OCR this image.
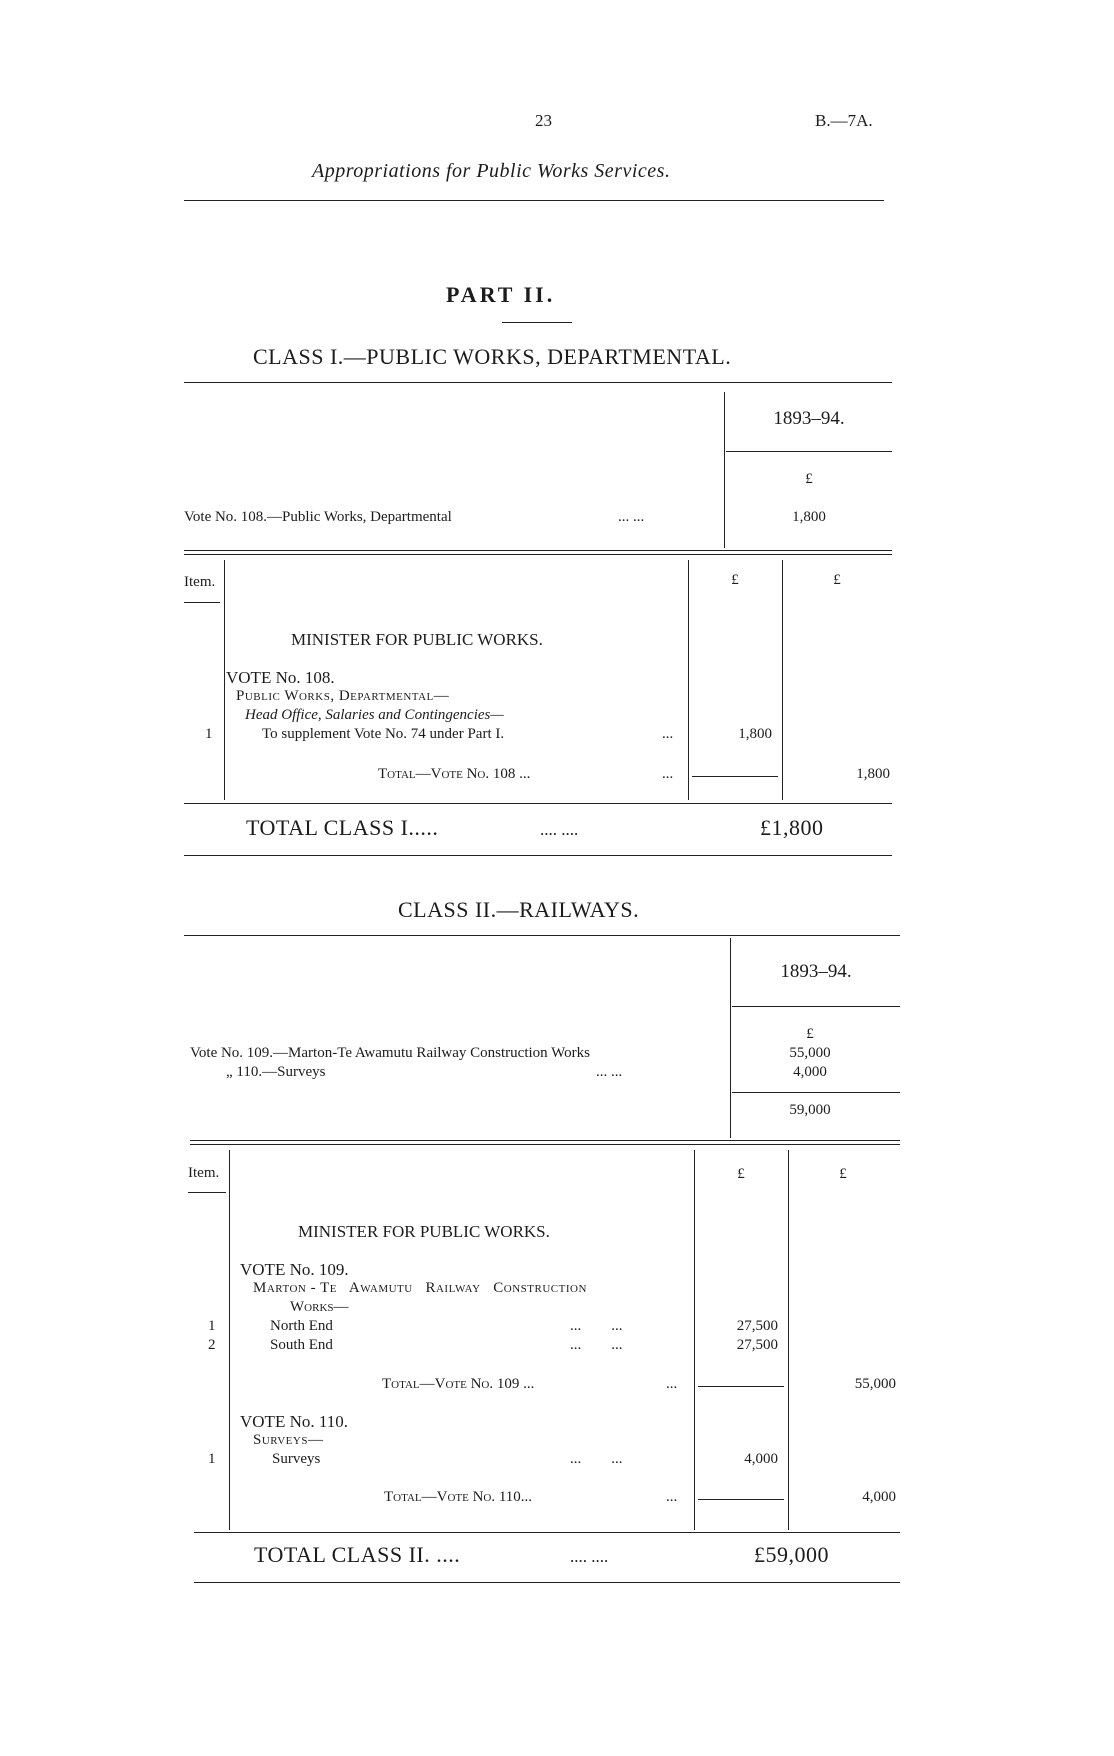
23	B.—7A.
Appropriations for Public Works Services.
PART II.
CLASS I.—PUBLIC WORKS, DEPARTMENTAL.
1893–94.
£
Vote No. 108.—Public Works, Departmental	... ...	1,800
Item.	£	£
MINISTER FOR PUBLIC WORKS.
VOTE No. 108.
Public Works, Departmental—
Head Office, Salaries and Contingencies—
1	To supplement Vote No. 74 under Part I.	...	1,800
Total—Vote No. 108 ...	...	1,800
TOTAL CLASS I.....	.... ....	£1,800
CLASS II.—RAILWAYS.
1893–94.
£
Vote No. 109.—Marton-Te Awamutu Railway Construction Works	55,000
„ 110.—Surveys	... ...	4,000
59,000
Item.	£	£
MINISTER FOR PUBLIC WORKS.
VOTE No. 109.
Marton - Te   Awamutu   Railway   Construction
Works—
1	North End	...        ...	27,500
2	South End	...        ...	27,500
Total—Vote No. 109 ...	...	55,000
VOTE No. 110.
Surveys—
1	Surveys	...        ...	4,000
Total—Vote No. 110...	...	4,000
TOTAL CLASS II. ....	.... ....	£59,000
